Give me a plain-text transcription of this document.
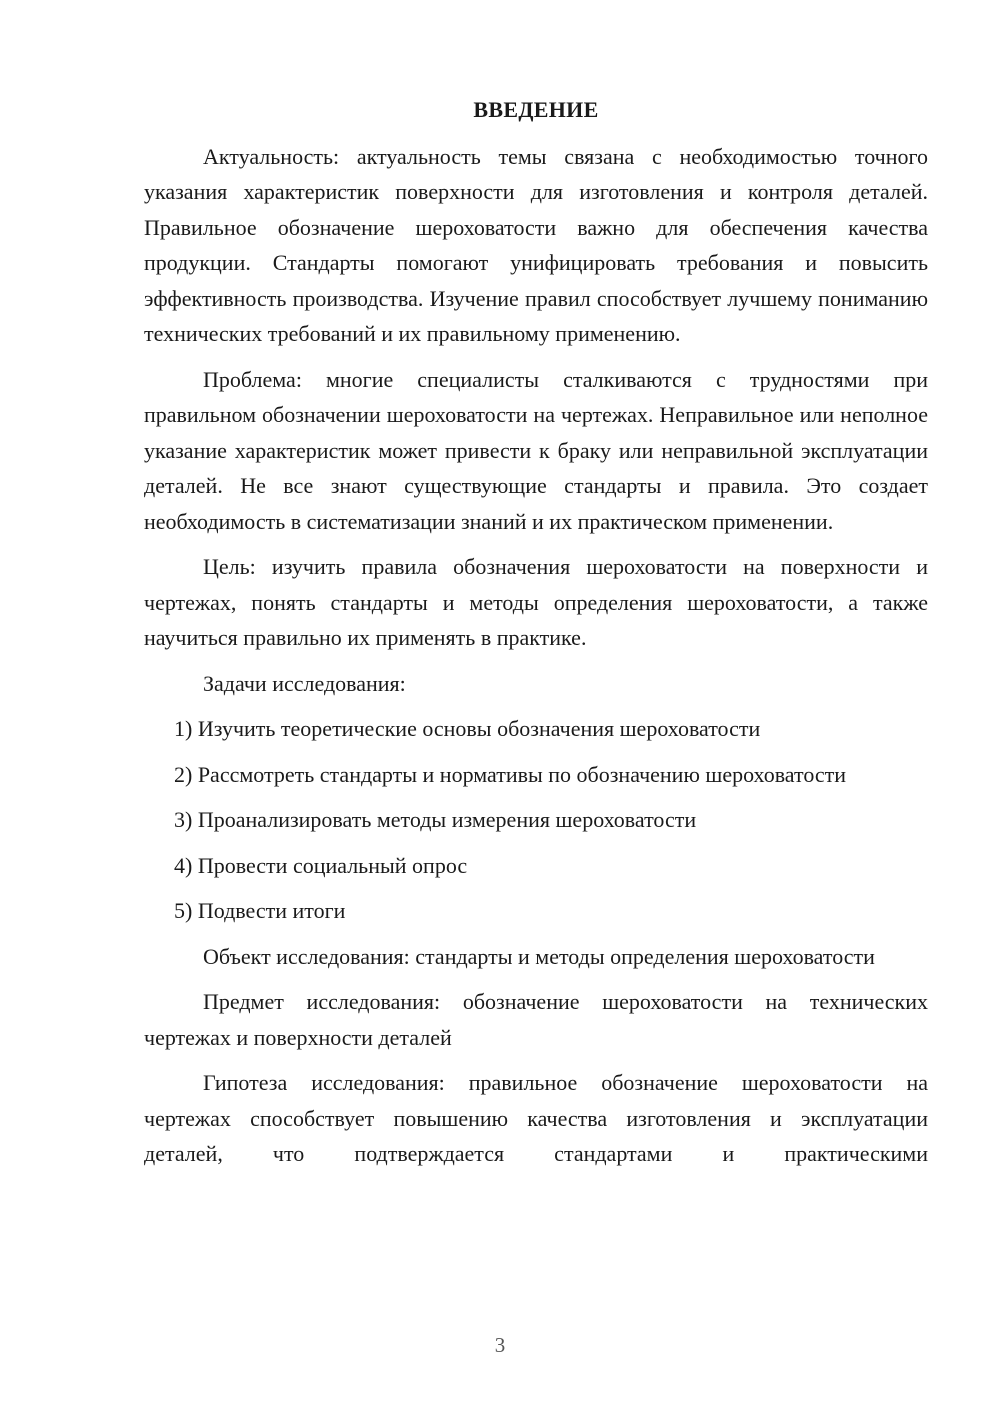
ВВЕДЕНИЕ

Актуальность: актуальность темы связана с необходимостью точного указания характеристик поверхности для изготовления и контроля деталей. Правильное обозначение шероховатости важно для обеспечения качества продукции. Стандарты помогают унифицировать требования и повысить эффективность производства. Изучение правил способствует лучшему пониманию технических требований и их правильному применению.

Проблема: многие специалисты сталкиваются с трудностями при правильном обозначении шероховатости на чертежах. Неправильное или неполное указание характеристик может привести к браку или неправильной эксплуатации деталей. Не все знают существующие стандарты и правила. Это создает необходимость в систематизации знаний и их практическом применении.

Цель: изучить правила обозначения шероховатости на поверхности и чертежах, понять стандарты и методы определения шероховатости, а также научиться правильно их применять в практике.

Задачи исследования:

1) Изучить теоретические основы обозначения шероховатости

2) Рассмотреть стандарты и нормативы по обозначению шероховатости

3) Проанализировать методы измерения шероховатости

4) Провести социальный опрос

5) Подвести итоги

Объект исследования: стандарты и методы определения шероховатости

Предмет исследования: обозначение шероховатости на технических чертежах и поверхности деталей

Гипотеза исследования: правильное обозначение шероховатости на чертежах способствует повышению качества изготовления и эксплуатации деталей, что подтверждается стандартами и практическими

3
